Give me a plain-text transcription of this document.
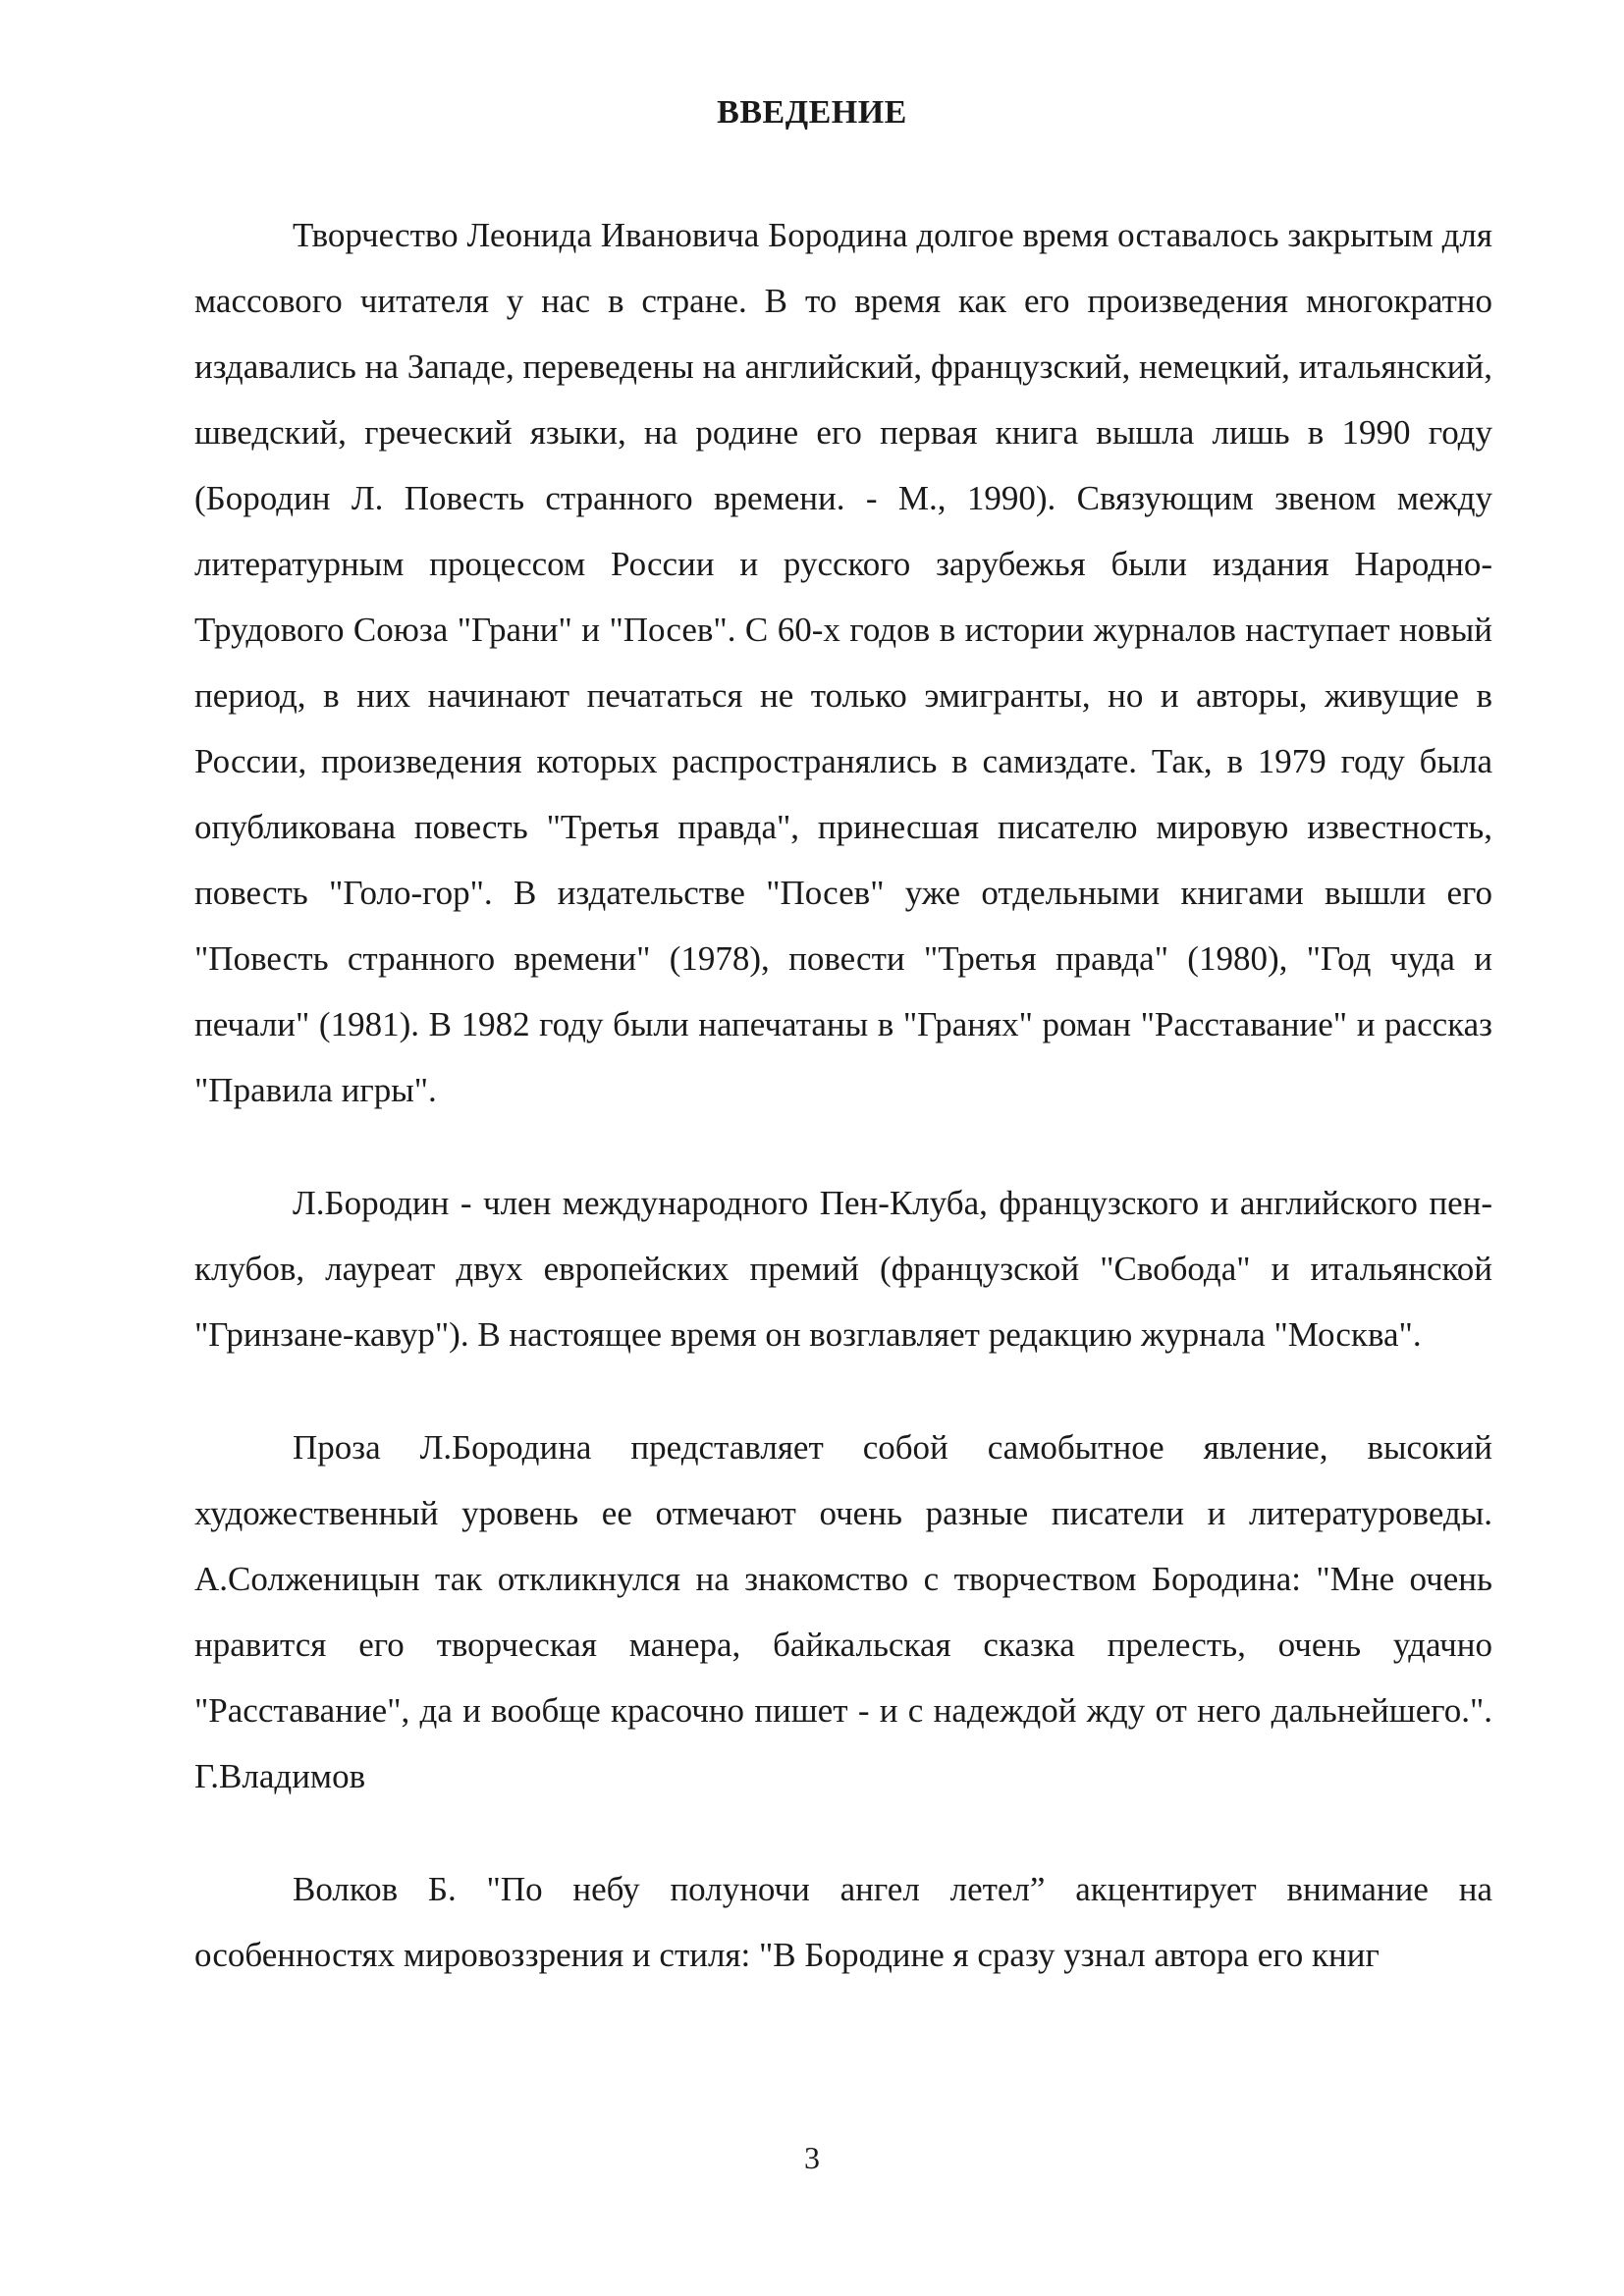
ВВЕДЕНИЕ

Творчество Леонида Ивановича Бородина долгое время оставалось закрытым для массового читателя у нас в стране. В то время как его произведения многократно издавались на Западе, переведены на английский, французский, немецкий, итальянский, шведский, греческий языки, на родине его первая книга вышла лишь в 1990 году (Бородин Л. Повесть странного времени. - М., 1990). Связующим звеном между литературным процессом России и русского зарубежья были издания Народно-Трудового Союза "Грани" и "Посев". С 60-х годов в истории журналов наступает новый период, в них начинают печататься не только эмигранты, но и авторы, живущие в России, произведения которых распространялись в самиздате. Так, в 1979 году была опубликована повесть "Третья правда", принесшая писателю мировую известность, повесть "Голо-гор". В издательстве "Посев" уже отдельными книгами вышли его "Повесть странного времени" (1978), повести "Третья правда" (1980), "Год чуда и печали" (1981). В 1982 году были напечатаны в "Гранях" роман "Расставание" и рассказ "Правила игры".

Л.Бородин - член международного Пен-Клуба, французского и английского пен-клубов, лауреат двух европейских премий (французской "Свобода" и итальянской "Гринзане-кавур"). В настоящее время он возглавляет редакцию журнала "Москва".

Проза Л.Бородина представляет собой самобытное явление, высокий художественный уровень ее отмечают очень разные писатели и литературоведы. А.Солженицын так откликнулся на знакомство с творчеством Бородина: "Мне очень нравится его творческая манера, байкальская сказка прелесть, очень удачно "Расставание", да и вообще красочно пишет - и с надеждой жду от него дальнейшего.". Г.Владимов

Волков Б. "По небу полуночи ангел летел” акцентирует внимание на особенностях мировоззрения и стиля: "В Бородине я сразу узнал автора его книг

3
